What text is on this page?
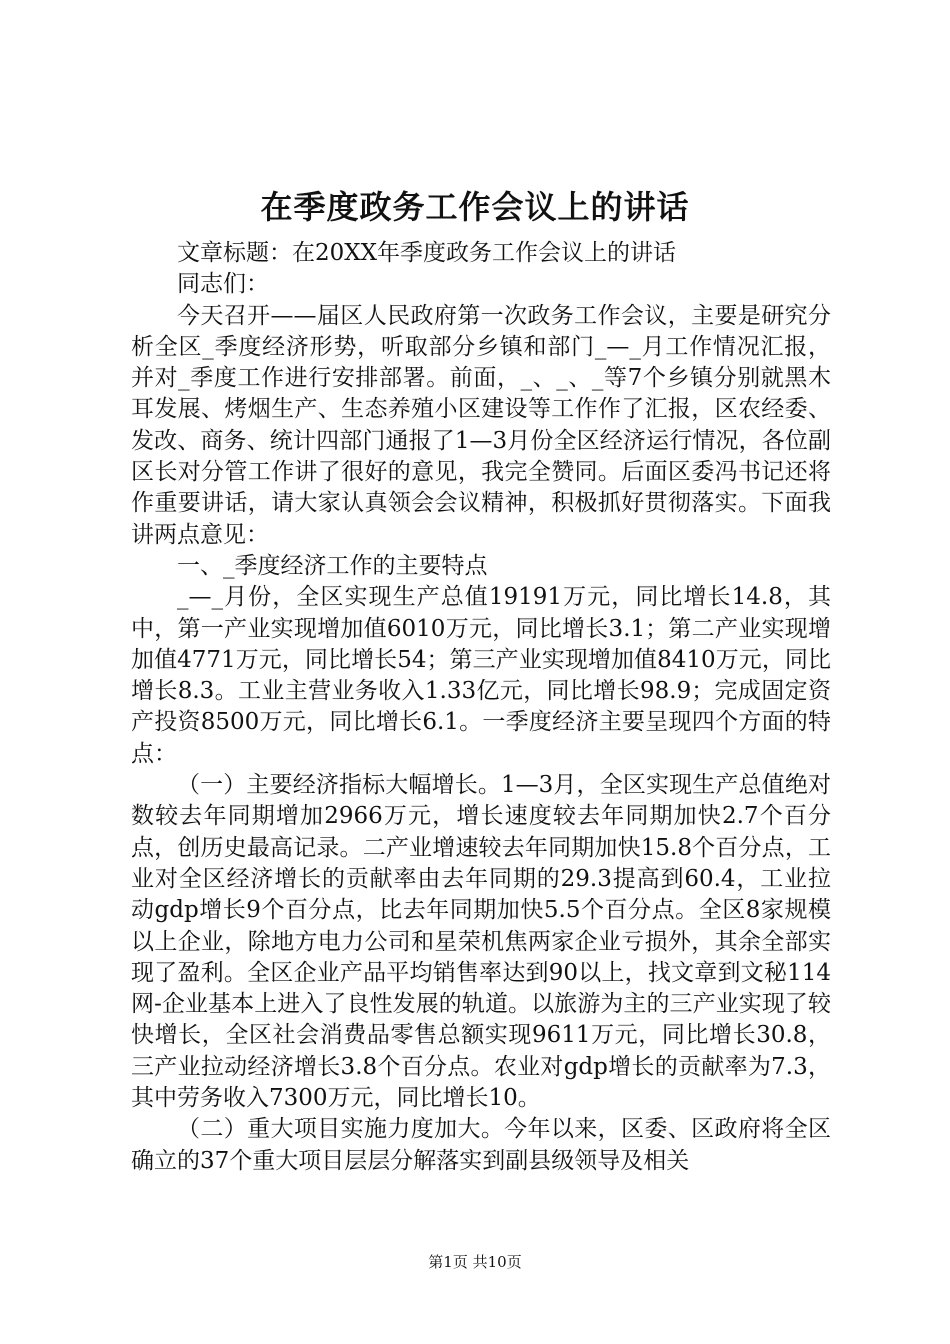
在季度政务工作会议上的讲话

文章标题：在20XX年季度政务工作会议上的讲话

同志们：

今天召开——届区人民政府第一次政务工作会议，主要是研究分析全区_季度经济形势，听取部分乡镇和部门_—_月工作情况汇报，并对_季度工作进行安排部署。前面，_、_、_等7个乡镇分别就黑木耳发展、烤烟生产、生态养殖小区建设等工作作了汇报，区农经委、发改、商务、统计四部门通报了1—3月份全区经济运行情况，各位副区长对分管工作讲了很好的意见，我完全赞同。后面区委冯书记还将作重要讲话，请大家认真领会会议精神，积极抓好贯彻落实。下面我讲两点意见：

一、_季度经济工作的主要特点

_—_月份，全区实现生产总值19191万元，同比增长14.8，其中，第一产业实现增加值6010万元，同比增长3.1；第二产业实现增加值4771万元，同比增长54；第三产业实现增加值8410万元，同比增长8.3。工业主营业务收入1.33亿元，同比增长98.9；完成固定资产投资8500万元，同比增长6.1。一季度经济主要呈现四个方面的特点：

（一）主要经济指标大幅增长。1—3月，全区实现生产总值绝对数较去年同期增加2966万元，增长速度较去年同期加快2.7个百分点，创历史最高记录。二产业增速较去年同期加快15.8个百分点，工业对全区经济增长的贡献率由去年同期的29.3提高到60.4，工业拉动gdp增长9个百分点，比去年同期加快5.5个百分点。全区8家规模以上企业，除地方电力公司和星荣机焦两家企业亏损外，其余全部实现了盈利。全区企业产品平均销售率达到90以上，找文章到文秘114网-企业基本上进入了良性发展的轨道。以旅游为主的三产业实现了较快增长，全区社会消费品零售总额实现9611万元，同比增长30.8，三产业拉动经济增长3.8个百分点。农业对gdp增长的贡献率为7.3，其中劳务收入7300万元，同比增长10。

（二）重大项目实施力度加大。今年以来，区委、区政府将全区确立的37个重大项目层层分解落实到副县级领导及相关

第1页 共10页
